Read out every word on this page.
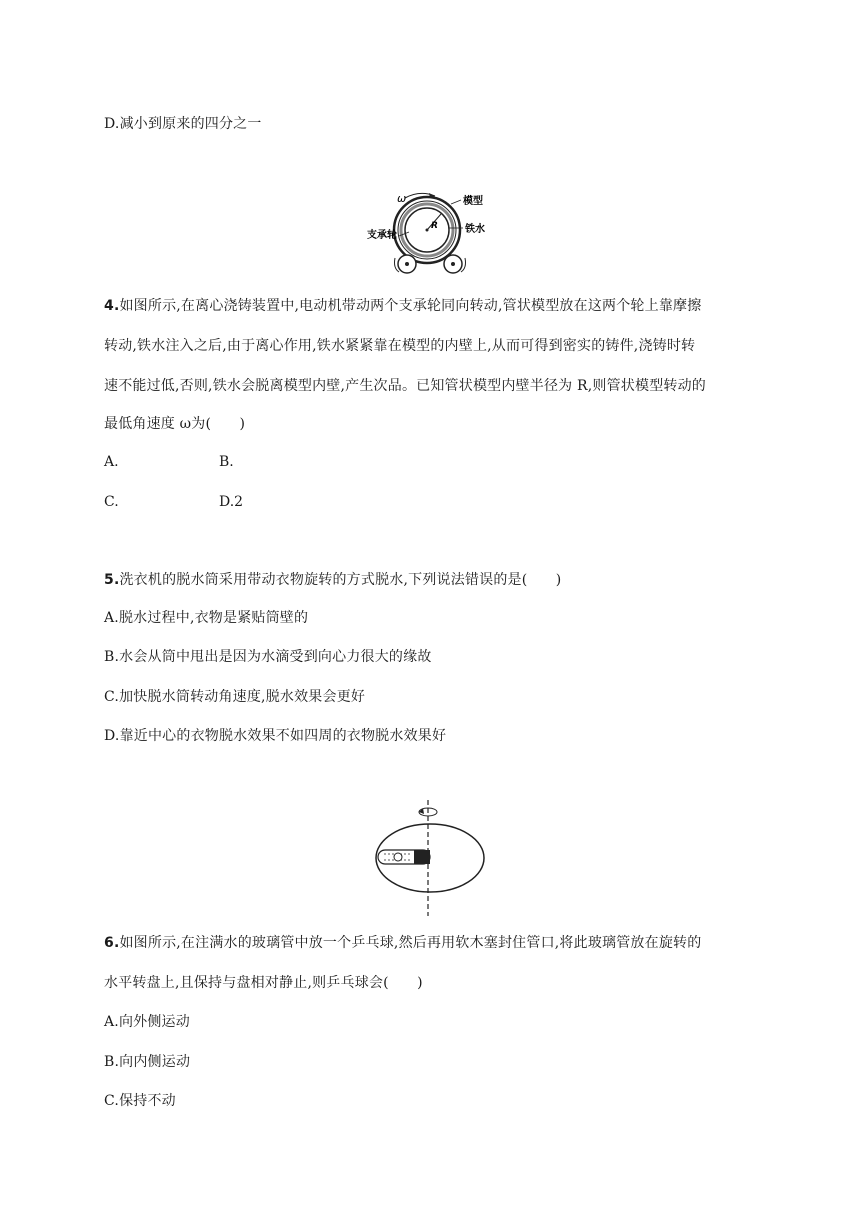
D.减小到原来的四分之一
ω	模型
R
支承轮
铁水
4.如图所示,在离心浇铸装置中,电动机带动两个支承轮同向转动,管状模型放在这两个轮上靠摩擦
转动,铁水注入之后,由于离心作用,铁水紧紧靠在模型的内壁上,从而可得到密实的铸件,浇铸时转
速不能过低,否则,铁水会脱离模型内壁,产生次品。已知管状模型内壁半径为 R,则管状模型转动的
最低角速度 ω为(　　)
A.	B.
C.	D.2
5.洗衣机的脱水筒采用带动衣物旋转的方式脱水,下列说法错误的是(　　)
A.脱水过程中,衣物是紧贴筒壁的
B.水会从筒中甩出是因为水滴受到向心力很大的缘故
C.加快脱水筒转动角速度,脱水效果会更好
D.靠近中心的衣物脱水效果不如四周的衣物脱水效果好
6.如图所示,在注满水的玻璃管中放一个乒乓球,然后再用软木塞封住管口,将此玻璃管放在旋转的
水平转盘上,且保持与盘相对静止,则乒乓球会(　　)
A.向外侧运动
B.向内侧运动
C.保持不动
